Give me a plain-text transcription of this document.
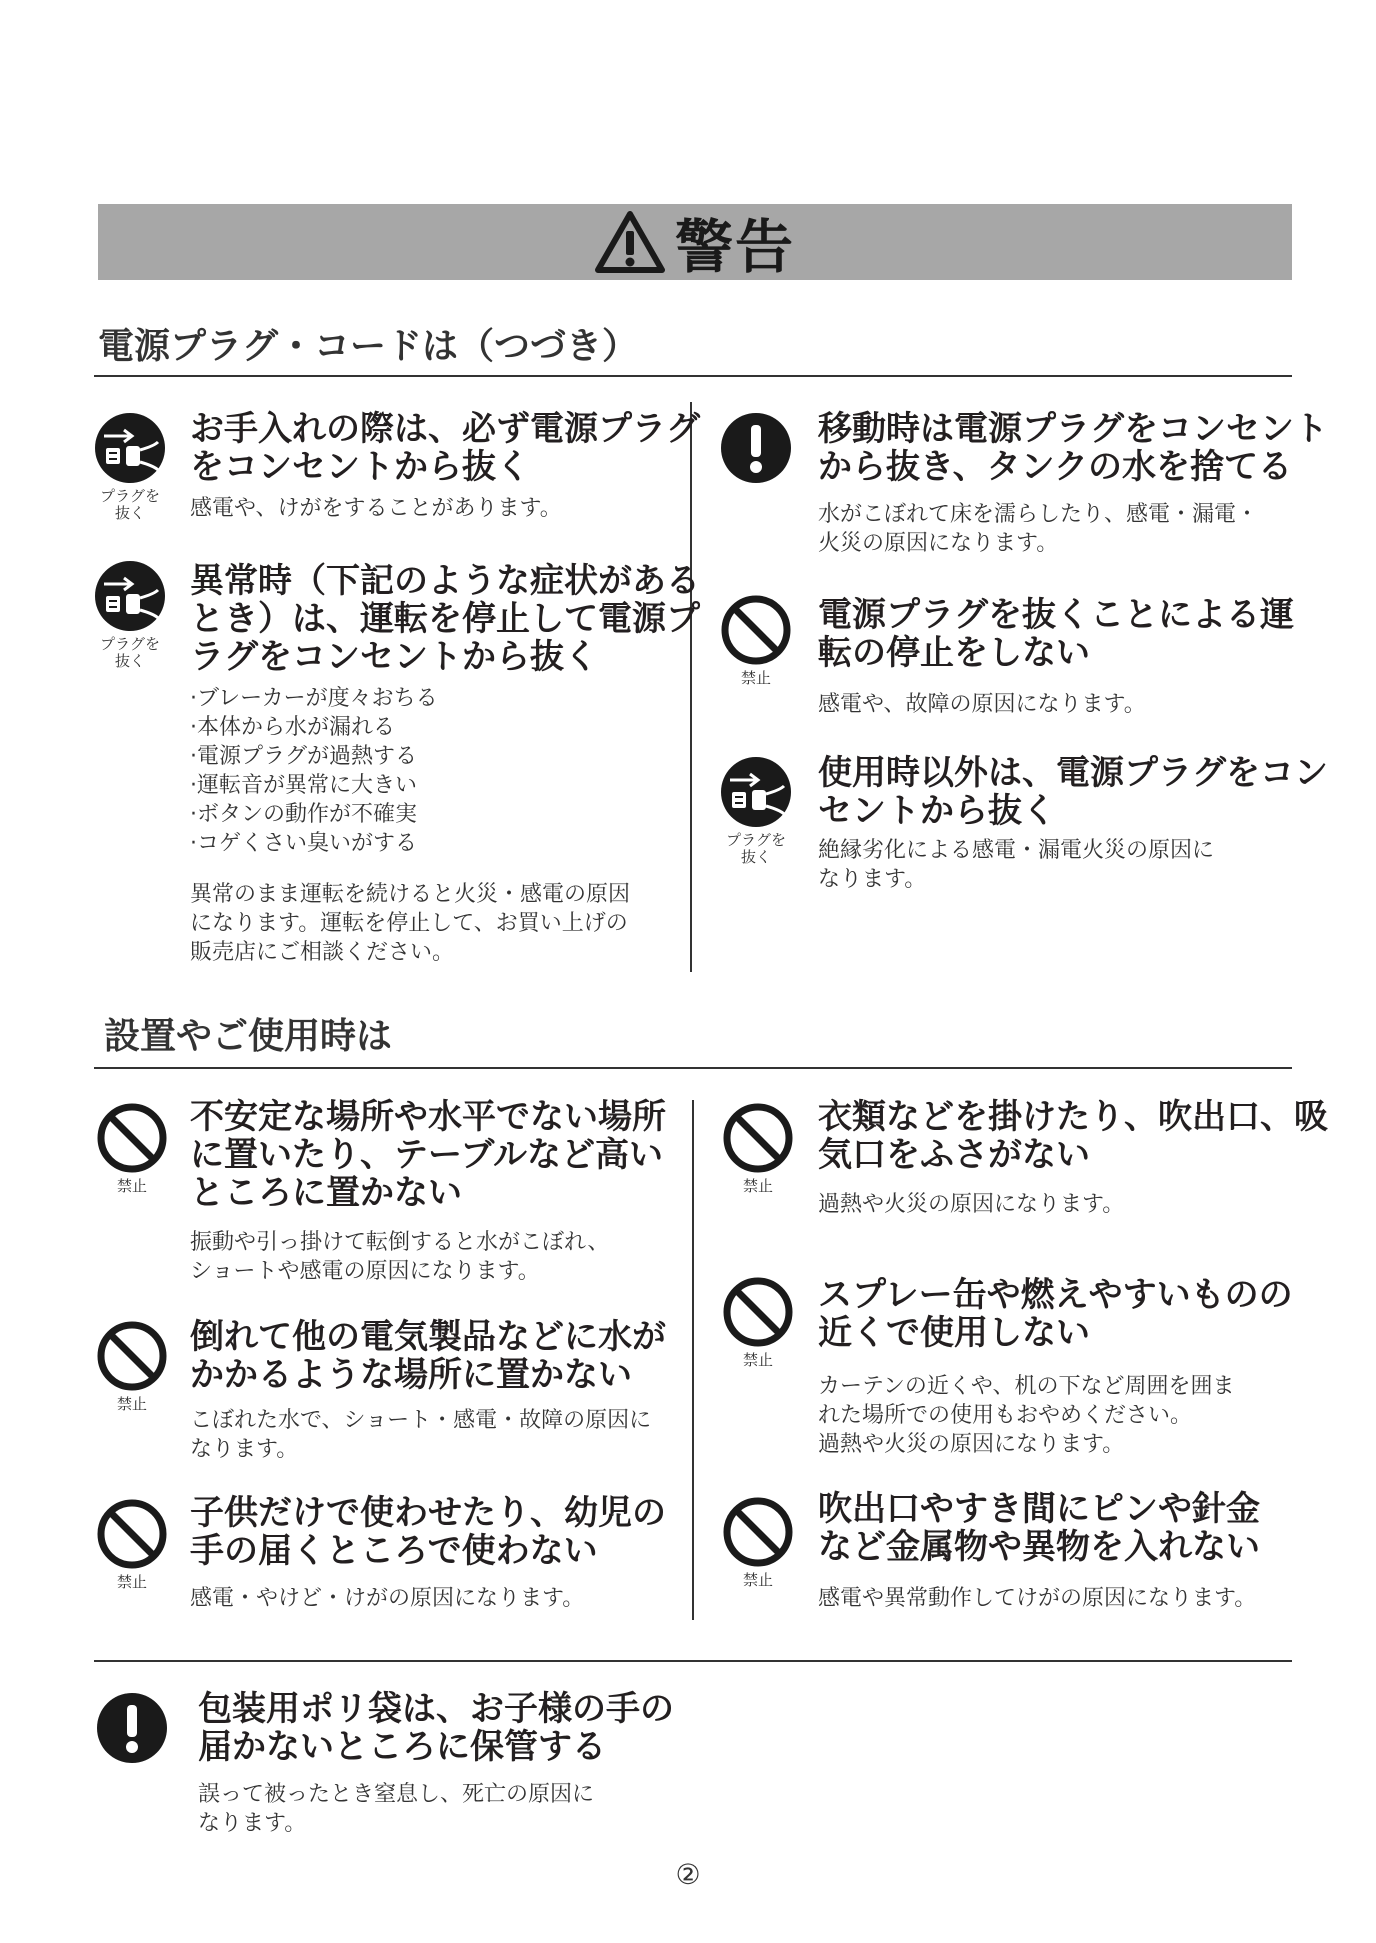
警告
電源プラグ・コードは（つづき）
プラグを
抜く
お手入れの際は、必ず電源プラグ
をコンセントから抜く
感電や、けがをすることがあります。
プラグを
抜く
異常時（下記のような症状がある
とき）は、運転を停止して電源プ
ラグをコンセントから抜く
· ブレーカーが度々おちる
· 本体から水が漏れる
· 電源プラグが過熱する
· 運転音が異常に大きい
· ボタンの動作が不確実
· コゲくさい臭いがする
異常のまま運転を続けると火災・感電の原因
になります。運転を停止して、お買い上げの
販売店にご相談ください。
移動時は電源プラグをコンセント
から抜き、タンクの水を捨てる
水がこぼれて床を濡らしたり、感電・漏電・
火災の原因になります。
禁止
電源プラグを抜くことによる運
転の停止をしない
感電や、故障の原因になります。
プラグを
抜く
使用時以外は、電源プラグをコン
セントから抜く
絶縁劣化による感電・漏電火災の原因に
なります。
設置やご使用時は
禁止
不安定な場所や水平でない場所
に置いたり、テーブルなど高い
ところに置かない
振動や引っ掛けて転倒すると水がこぼれ、
ショートや感電の原因になります。
禁止
倒れて他の電気製品などに水が
かかるような場所に置かない
こぼれた水で、ショート・感電・故障の原因に
なります。
禁止
子供だけで使わせたり、幼児の
手の届くところで使わない
感電・やけど・けがの原因になります。
禁止
衣類などを掛けたり、吹出口、吸
気口をふさがない
過熱や火災の原因になります。
禁止
スプレー缶や燃えやすいものの
近くで使用しない
カーテンの近くや、机の下など周囲を囲ま
れた場所での使用もおやめください。
過熱や火災の原因になります。
禁止
吹出口やすき間にピンや針金
など金属物や異物を入れない
感電や異常動作してけがの原因になります。
包装用ポリ袋は、お子様の手の
届かないところに保管する
誤って被ったとき窒息し、死亡の原因に
なります。
②
